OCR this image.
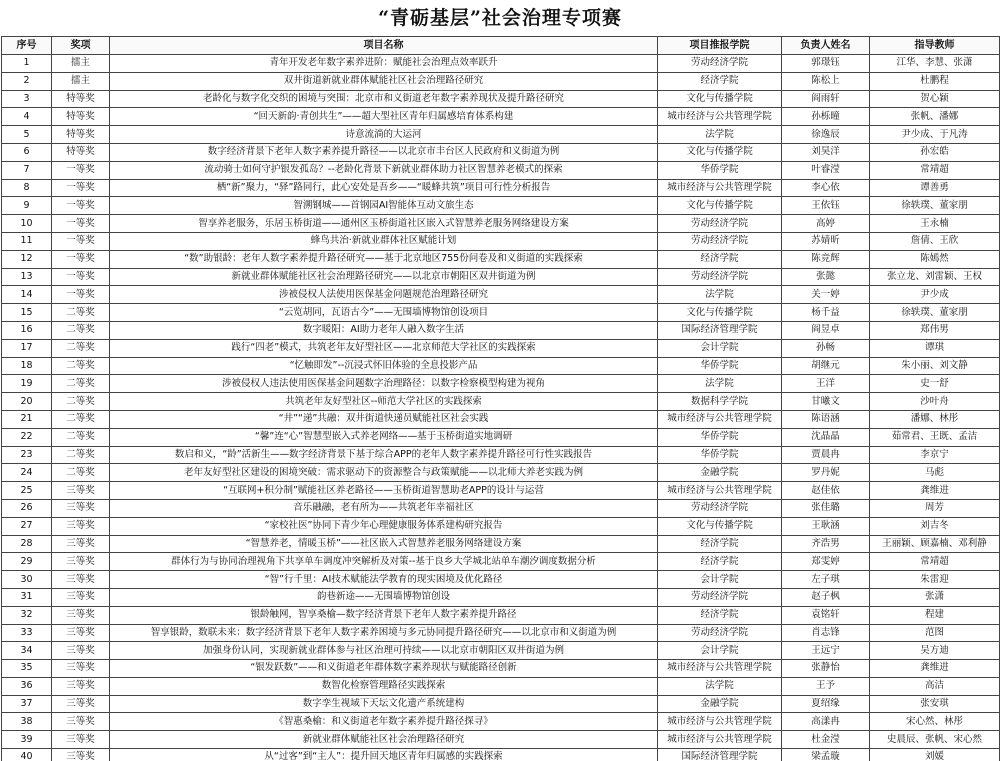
“青砺基层”社会治理专项赛
序号	奖项	项目名称	项目推报学院	负责人姓名	指导教师
1	擂主	青年开发老年数字素养进阶：赋能社会治理点效率跃升	劳动经济学院	郭璟钰	江华、李慧、张潇
2	擂主	双井街道新就业群体赋能社区社会治理路径研究	经济学院	陈松上	杜鹏程
3	特等奖	老龄化与数字化交织的困境与突围：北京市和义街道老年数字素养现状及提升路径研究	文化与传播学院	阎雨轩	贺心颖
4	特等奖	“回天新韵·青创共生”——超大型社区青年归属感培育体系构建	城市经济与公共管理学院	孙栎曈	张帆、潘娜
5	特等奖	诗意流淌的大运河	法学院	徐逸辰	尹少成、于凡涛
6	特等奖	数字经济背景下老年人数字素养提升路径——以北京市丰台区人民政府和义街道为例	文化与传播学院	刘昊洋	孙宏皓
7	一等奖	流动骑士如何守护银发孤岛？--老龄化背景下新就业群体助力社区智慧养老模式的探索	华侨学院	叶睿滢	常靖超
8	一等奖	栖“新”聚力，“驿”路同行，此心安处是吾乡——“暖蜂共筑”项目可行性分析报告	城市经济与公共管理学院	李心依	谭善勇
9	一等奖	智溯钢城——首钢园AI智能体互动文旅生态	文化与传播学院	王依钰	徐轶璞、董家朋
10	一等奖	智享养老服务，乐居玉桥街道——通州区玉桥街道社区嵌入式智慧养老服务网络建设方案	劳动经济学院	高婷	王永楠
11	一等奖	蜂鸟共治·新就业群体社区赋能计划	劳动经济学院	苏婧昕	詹倩、王欣
12	一等奖	“数”助银龄：老年人数字素养提升路径研究——基于北京地区755份问卷及和义街道的实践探索	经济学院	陈竞辉	陈嫣然
13	一等奖	新就业群体赋能社区社会治理路径研究——以北京市朝阳区双井街道为例	劳动经济学院	张懿	张立龙、刘雷颖、王权
14	一等奖	涉被侵权人法使用医保基金问题规范治理路径研究	法学院	关一婷	尹少成
15	二等奖	“云览胡同，瓦语古今”——无围墙博物馆创设项目	文化与传播学院	杨千益	徐轶璞、董家朋
16	二等奖	数字暖阳：AI助力老年人融入数字生活	国际经济管理学院	阎昱卓	郑伟男
17	二等奖	践行“四老”模式，共筑老年友好型社区——北京师范大学社区的实践探索	会计学院	孙畅	谭琪
18	二等奖	“忆触即发”--沉浸式怀旧体验的全息投影产品	华侨学院	胡继元	朱小丽、刘文静
19	二等奖	涉被侵权人违法使用医保基金问题数字治理路径：以数字检察模型构建为视角	法学院	王洋	史一舒
20	二等奖	共筑老年友好型社区--师范大学社区的实践探索	数据科学学院	甘曦文	沙叶舟
21	二等奖	“井”“递”共融：双井街道快递员赋能社区社会实践	城市经济与公共管理学院	陈语涵	潘娜、林彤
22	二等奖	“馨”连“心”智慧型嵌入式养老网络——基于玉桥街道实地调研	华侨学院	沈晶晶	茹常君、王既、孟洁
23	二等奖	数启和义，“龄”活新生——数字经济背景下基于综合APP的老年人数字素养提升路径可行性实践报告	华侨学院	贾晨冉	李京宁
24	二等奖	老年友好型社区建设的困境突破：需求驱动下的资源整合与政策赋能——以北师大养老实践为例	金融学院	罗丹妮	马彪
25	三等奖	“互联网+积分制”赋能社区养老路径——玉桥街道智慧助老APP的设计与运营	城市经济与公共管理学院	赵佳依	龚维进
26	三等奖	音乐融融，老有所为——共筑老年幸福社区	劳动经济学院	张佳璐	周芳
27	三等奖	“家校社医”协同下青少年心理健康服务体系建构研究报告	文化与传播学院	王耿涵	刘吉冬
28	三等奖	“智慧养老，情暖玉桥”——社区嵌入式智慧养老服务网络建设方案	经济学院	齐浩男	王丽颖、顾嘉楠、邓利静
29	三等奖	群体行为与协同治理视角下共享单车调度冲突解析及对策--基于良乡大学城北站单车潮汐调度数据分析	经济学院	郑雯婷	常靖超
30	三等奖	“智”行千里：AI技术赋能法学教育的现实困境及优化路径	会计学院	左子琪	朱雷迎
31	三等奖	韵巷新途——无围墙博物馆创设	劳动经济学院	赵子枫	张潇
32	三等奖	银龄触网，智享桑榆—数字经济背景下老年人数字素养提升路径	经济学院	袁铭轩	程建
33	三等奖	智享银龄，数联未来：数字经济背景下老年人数字素养困境与多元协同提升路径研究——以北京市和义街道为例	劳动经济学院	肖志锋	范图
34	三等奖	加强身份认同，实现新就业群体参与社区治理可持续——以北京市朝阳区双井街道为例	会计学院	王远宁	吴方迪
35	三等奖	“银发跃数”——和义街道老年群体数字素养现状与赋能路径创新	城市经济与公共管理学院	张静怡	龚维进
36	三等奖	数智化检察管理路径实践探索	法学院	王予	高洁
37	三等奖	数字孪生视域下天坛文化遗产系统建构	金融学院	夏绍缘	张安琪
38	三等奖	《智惠桑榆：和义街道老年数字素养提升路径探寻》	城市经济与公共管理学院	高漾冉	宋心然、林彤
39	三等奖	新就业群体赋能社区社会治理路径研究	城市经济与公共管理学院	杜金滢	史晨辰、张帆、宋心然
40	三等奖	从“过客”到“主人”：提升回天地区青年归属感的实践探索	国际经济管理学院	梁孟璇	刘媛
